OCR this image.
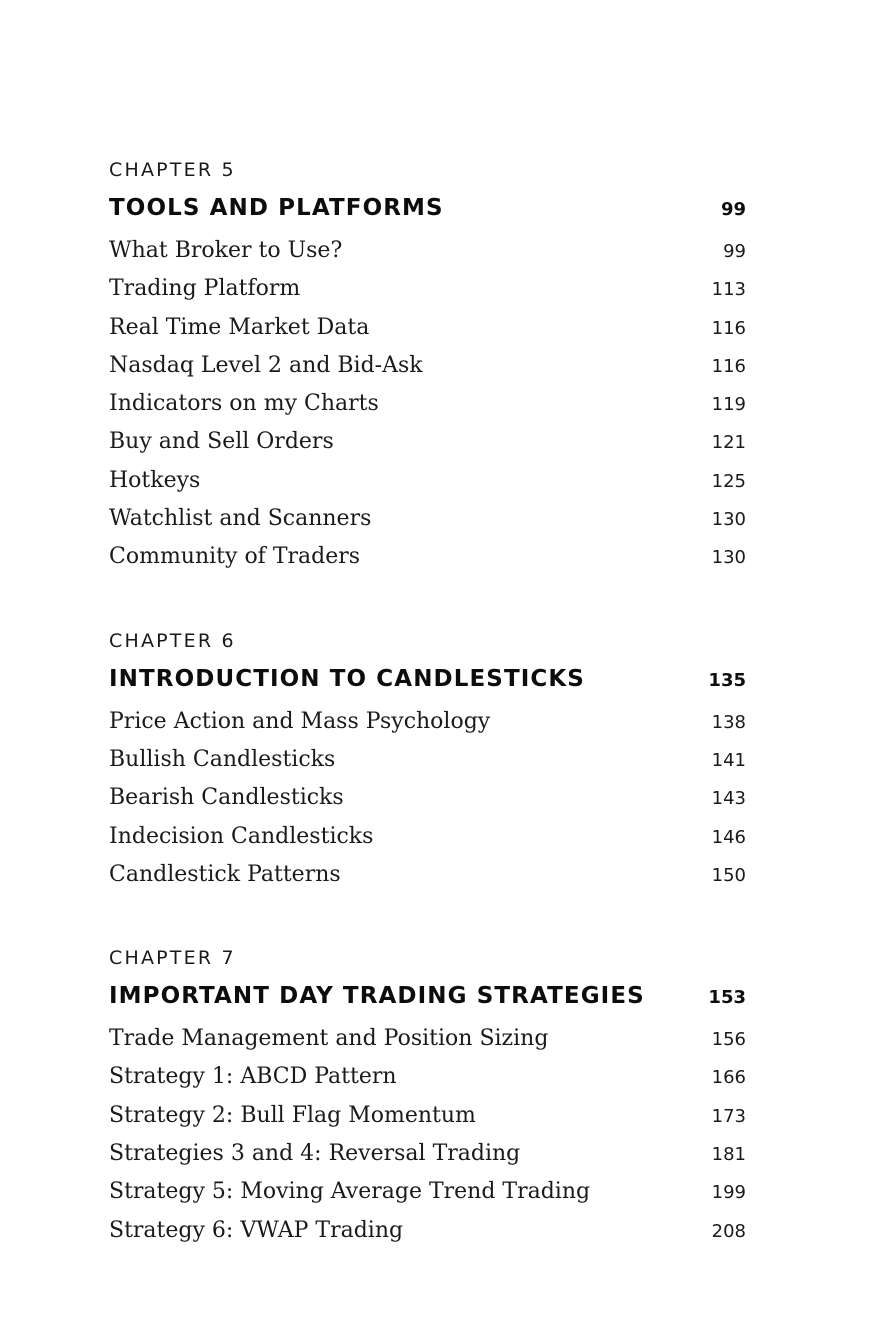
CHAPTER 5
TOOLS AND PLATFORMS	99
What Broker to Use?	99
Trading Platform	113
Real Time Market Data	116
Nasdaq Level 2 and Bid-Ask	116
Indicators on my Charts	119
Buy and Sell Orders	121
Hotkeys	125
Watchlist and Scanners	130
Community of Traders	130
CHAPTER 6
INTRODUCTION TO CANDLESTICKS	135
Price Action and Mass Psychology	138
Bullish Candlesticks	141
Bearish Candlesticks	143
Indecision Candlesticks	146
Candlestick Patterns	150
CHAPTER 7
IMPORTANT DAY TRADING STRATEGIES	153
Trade Management and Position Sizing	156
Strategy 1: ABCD Pattern	166
Strategy 2: Bull Flag Momentum	173
Strategies 3 and 4: Reversal Trading	181
Strategy 5: Moving Average Trend Trading	199
Strategy 6: VWAP Trading	208
